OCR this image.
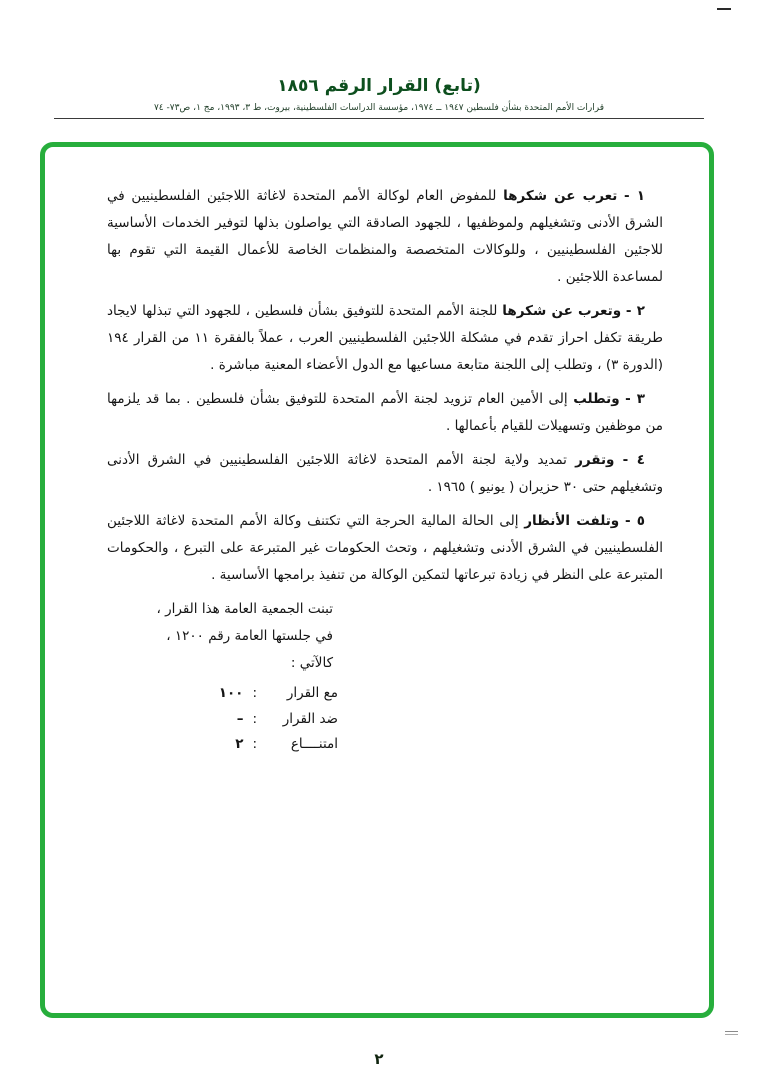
(تابع) القرار الرقم ١٨٥٦
قرارات الأمم المتحدة بشأن فلسطين ١٩٤٧ ــ ١٩٧٤، مؤسسة الدراسات الفلسطينية، بيروت، ط ٣، ١٩٩٣، مج ١، ص٧٣- ٧٤

١ - تعرب عن شكرها للمفوض العام لوكالة الأمم المتحدة لاغاثة اللاجئين الفلسطينيين في الشرق الأدنى وتشغيلهم ولموظفيها ، للجهود الصادقة التي يواصلون بذلها لتوفير الخدمات الأساسية للاجئين الفلسطينيين ، وللوكالات المتخصصة والمنظمات الخاصة للأعمال القيمة التي تقوم بها لمساعدة اللاجئين .

٢ - وتعرب عن شكرها للجنة الأمم المتحدة للتوفيق بشأن فلسطين ، للجهود التي تبذلها لايجاد طريقة تكفل احراز تقدم في مشكلة اللاجئين الفلسطينيين العرب ، عملاً بالفقرة ١١ من القرار ١٩٤ (الدورة ٣) ، وتطلب إلى اللجنة متابعة مساعيها مع الدول الأعضاء المعنية مباشرة .

٣ - وتطلب إلى الأمين العام تزويد لجنة الأمم المتحدة للتوفيق بشأن فلسطين . بما قد يلزمها من موظفين وتسهيلات للقيام بأعمالها .

٤ - وتقرر تمديد ولاية لجنة الأمم المتحدة لاغاثة اللاجئين الفلسطينيين في الشرق الأدنى وتشغيلهم حتى ٣٠ حزيران ( يونيو ) ١٩٦٥ .

٥ - وتلفت الأنظار إلى الحالة المالية الحرجة التي تكتنف وكالة الأمم المتحدة لاغاثة اللاجئين الفلسطينيين في الشرق الأدنى وتشغيلهم ، وتحث الحكومات غير المتبرعة على التبرع ، والحكومات المتبرعة على النظر في زيادة تبرعاتها لتمكين الوكالة من تنفيذ برامجها الأساسية .

تبنت الجمعية العامة هذا القرار ،
في جلستها العامة رقم ١٢٠٠ ،
كالآتي :
مع القرار
:
١٠٠
ضد القرار
:
–
امتنــــاع
:
٢
٢
